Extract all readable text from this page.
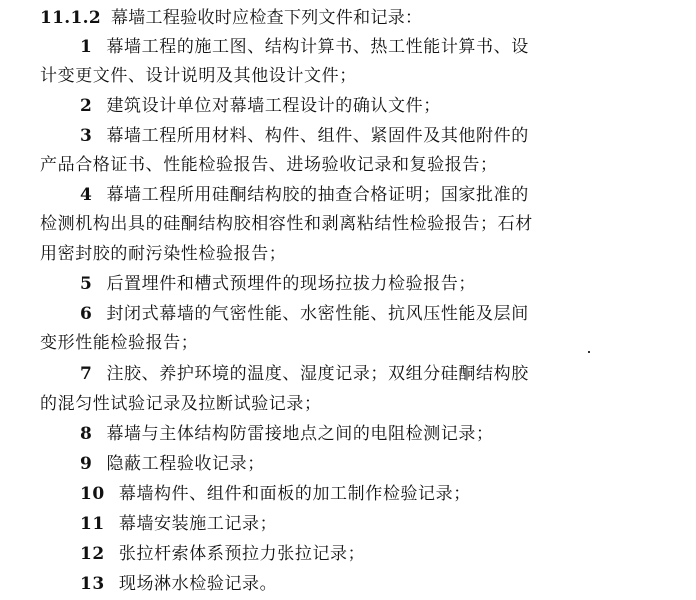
11.1.2 幕墙工程验收时应检查下列文件和记录：
1 幕墙工程的施工图、结构计算书、热工性能计算书、设
计变更文件、设计说明及其他设计文件；
2 建筑设计单位对幕墙工程设计的确认文件；
3 幕墙工程所用材料、构件、组件、紧固件及其他附件的
产品合格证书、性能检验报告、进场验收记录和复验报告；
4 幕墙工程所用硅酮结构胶的抽查合格证明；国家批准的
检测机构出具的硅酮结构胶相容性和剥离粘结性检验报告；石材
用密封胶的耐污染性检验报告；
5 后置埋件和槽式预埋件的现场拉拔力检验报告；
6 封闭式幕墙的气密性能、水密性能、抗风压性能及层间
变形性能检验报告；
7 注胶、养护环境的温度、湿度记录；双组分硅酮结构胶
的混匀性试验记录及拉断试验记录；
8 幕墙与主体结构防雷接地点之间的电阻检测记录；
9 隐蔽工程验收记录；
10 幕墙构件、组件和面板的加工制作检验记录；
11 幕墙安装施工记录；
12 张拉杆索体系预拉力张拉记录；
13 现场淋水检验记录。
